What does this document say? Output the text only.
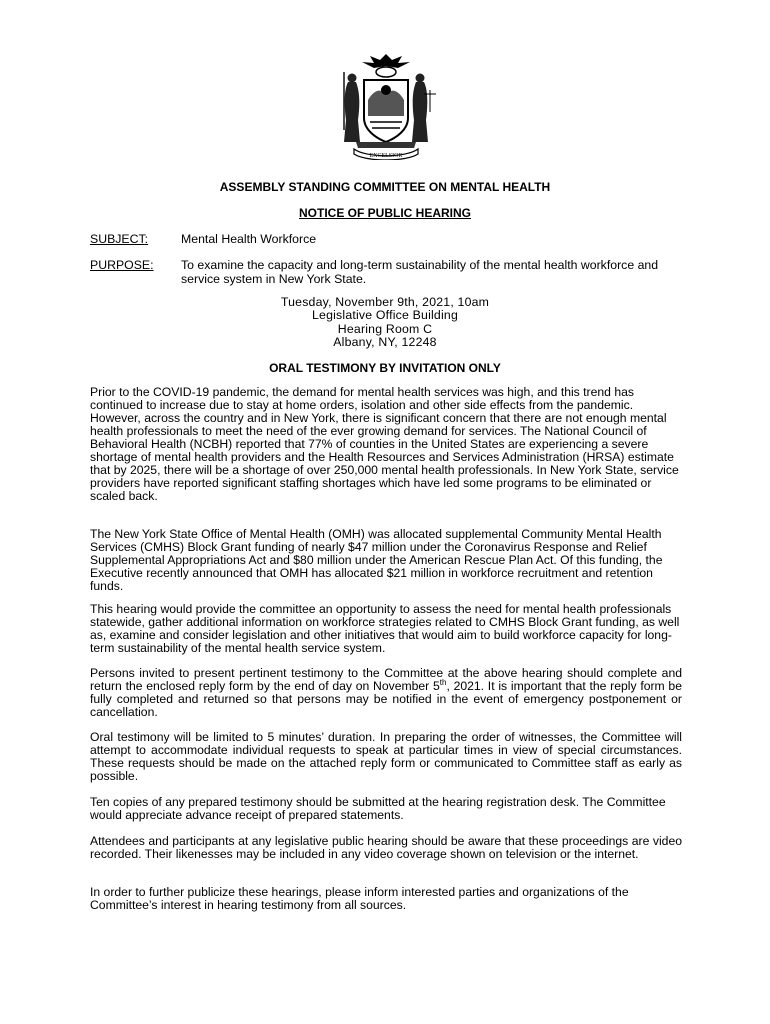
EXCELSIOR
ASSEMBLY STANDING COMMITTEE ON MENTAL HEALTH
NOTICE OF PUBLIC HEARING
SUBJECT:	Mental Health Workforce
PURPOSE: To examine the capacity and long-term sustainability of the mental health workforce and service system in New York State.
Tuesday, November 9th, 2021, 10am
Legislative Office Building
Hearing Room C
Albany, NY, 12248
ORAL TESTIMONY BY INVITATION ONLY

Prior to the COVID-19 pandemic, the demand for mental health services was high, and this trend has continued to increase due to stay at home orders, isolation and other side effects from the pandemic. However, across the country and in New York, there is significant concern that there are not enough mental health professionals to meet the need of the ever growing demand for services. The National Council of Behavioral Health (NCBH) reported that 77% of counties in the United States are experiencing a severe shortage of mental health providers and the Health Resources and Services Administration (HRSA) estimate that by 2025, there will be a shortage of over 250,000 mental health professionals. In New York State, service providers have reported significant staffing shortages which have led some programs to be eliminated or scaled back.

The New York State Office of Mental Health (OMH) was allocated supplemental Community Mental Health Services (CMHS) Block Grant funding of nearly $47 million under the Coronavirus Response and Relief Supplemental Appropriations Act and $80 million under the American Rescue Plan Act. Of this funding, the Executive recently announced that OMH has allocated $21 million in workforce recruitment and retention funds.

This hearing would provide the committee an opportunity to assess the need for mental health professionals statewide, gather additional information on workforce strategies related to CMHS Block Grant funding, as well as, examine and consider legislation and other initiatives that would aim to build workforce capacity for long-term sustainability of the mental health service system.

Persons invited to present pertinent testimony to the Committee at the above hearing should complete and return the enclosed reply form by the end of day on November 5th, 2021. It is important that the reply form be fully completed and returned so that persons may be notified in the event of emergency postponement or cancellation.

Oral testimony will be limited to 5 minutes’ duration. In preparing the order of witnesses, the Committee will attempt to accommodate individual requests to speak at particular times in view of special circumstances. These requests should be made on the attached reply form or communicated to Committee staff as early as possible.

Ten copies of any prepared testimony should be submitted at the hearing registration desk. The Committee would appreciate advance receipt of prepared statements.

Attendees and participants at any legislative public hearing should be aware that these proceedings are video recorded. Their likenesses may be included in any video coverage shown on television or the internet.

In order to further publicize these hearings, please inform interested parties and organizations of the Committee’s interest in hearing testimony from all sources.
